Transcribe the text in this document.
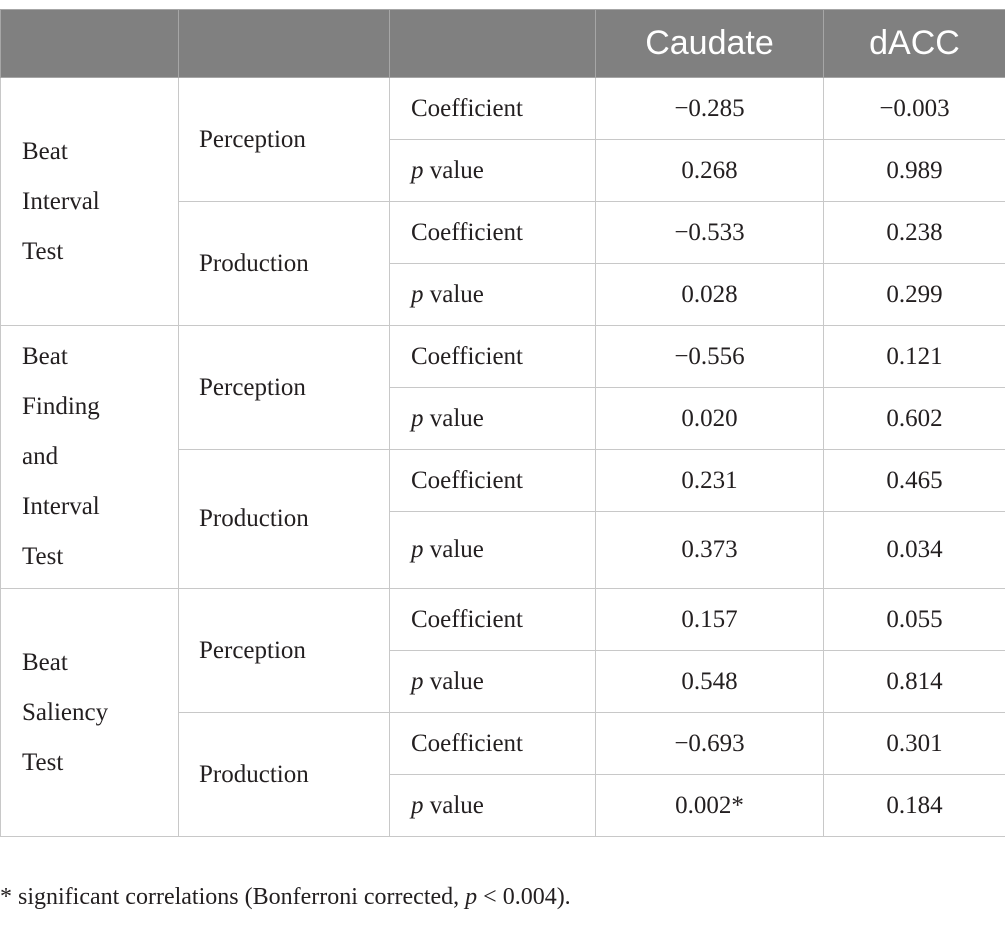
			Caudate	dACC

Beat
Interval
Test	Perception	Coefficient	−0.285	−0.003
		p value	0.268	0.989
	Production	Coefficient	−0.533	0.238
		p value	0.028	0.299

Beat
Finding
and
Interval
Test	Perception	Coefficient	−0.556	0.121
		p value	0.020	0.602
	Production	Coefficient	0.231	0.465
		p value	0.373	0.034

Beat
Saliency
Test	Perception	Coefficient	0.157	0.055
		p value	0.548	0.814
	Production	Coefficient	−0.693	0.301
		p value	0.002*	0.184
* significant correlations (Bonferroni corrected, p < 0.004).
